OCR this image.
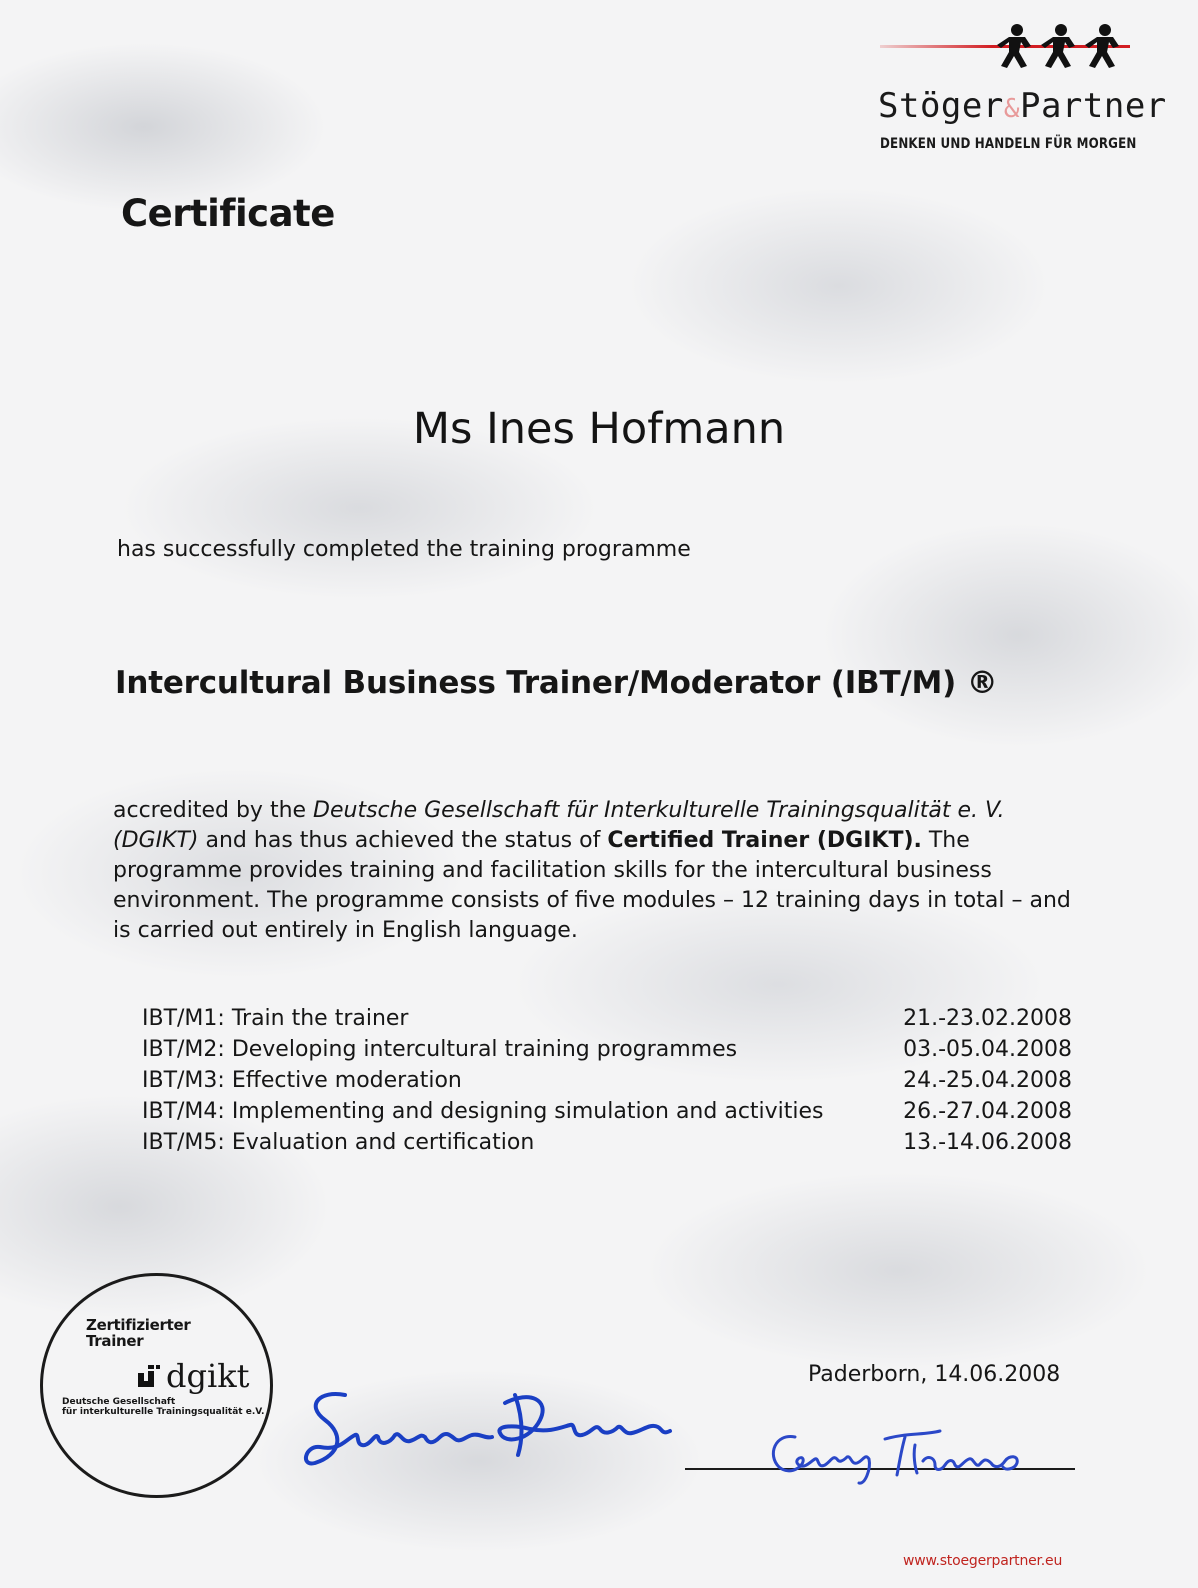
Stöger&Partner
DENKEN UND HANDELN FÜR MORGEN
Certificate
Ms Ines Hofmann
has successfully completed the training programme
Intercultural Business Trainer/Moderator (IBT/M) ®
accredited by the Deutsche Gesellschaft für Interkulturelle Trainingsqualität e. V. (DGIKT) and has thus achieved the status of Certified Trainer (DGIKT). The programme provides training and facilitation skills for the intercultural business environment. The programme consists of five modules – 12 training days in total – and is carried out entirely in English language.
IBT/M1: Train the trainer	21.-23.02.2008
IBT/M2: Developing intercultural training programmes	03.-05.04.2008
IBT/M3: Effective moderation	24.-25.04.2008
IBT/M4: Implementing and designing simulation and activities	26.-27.04.2008
IBT/M5: Evaluation and certification	13.-14.06.2008
Zertifizierter
Trainer
dgikt
Deutsche Gesellschaft
für interkulturelle Trainingsqualität e.V.
Paderborn, 14.06.2008
www.stoegerpartner.eu
